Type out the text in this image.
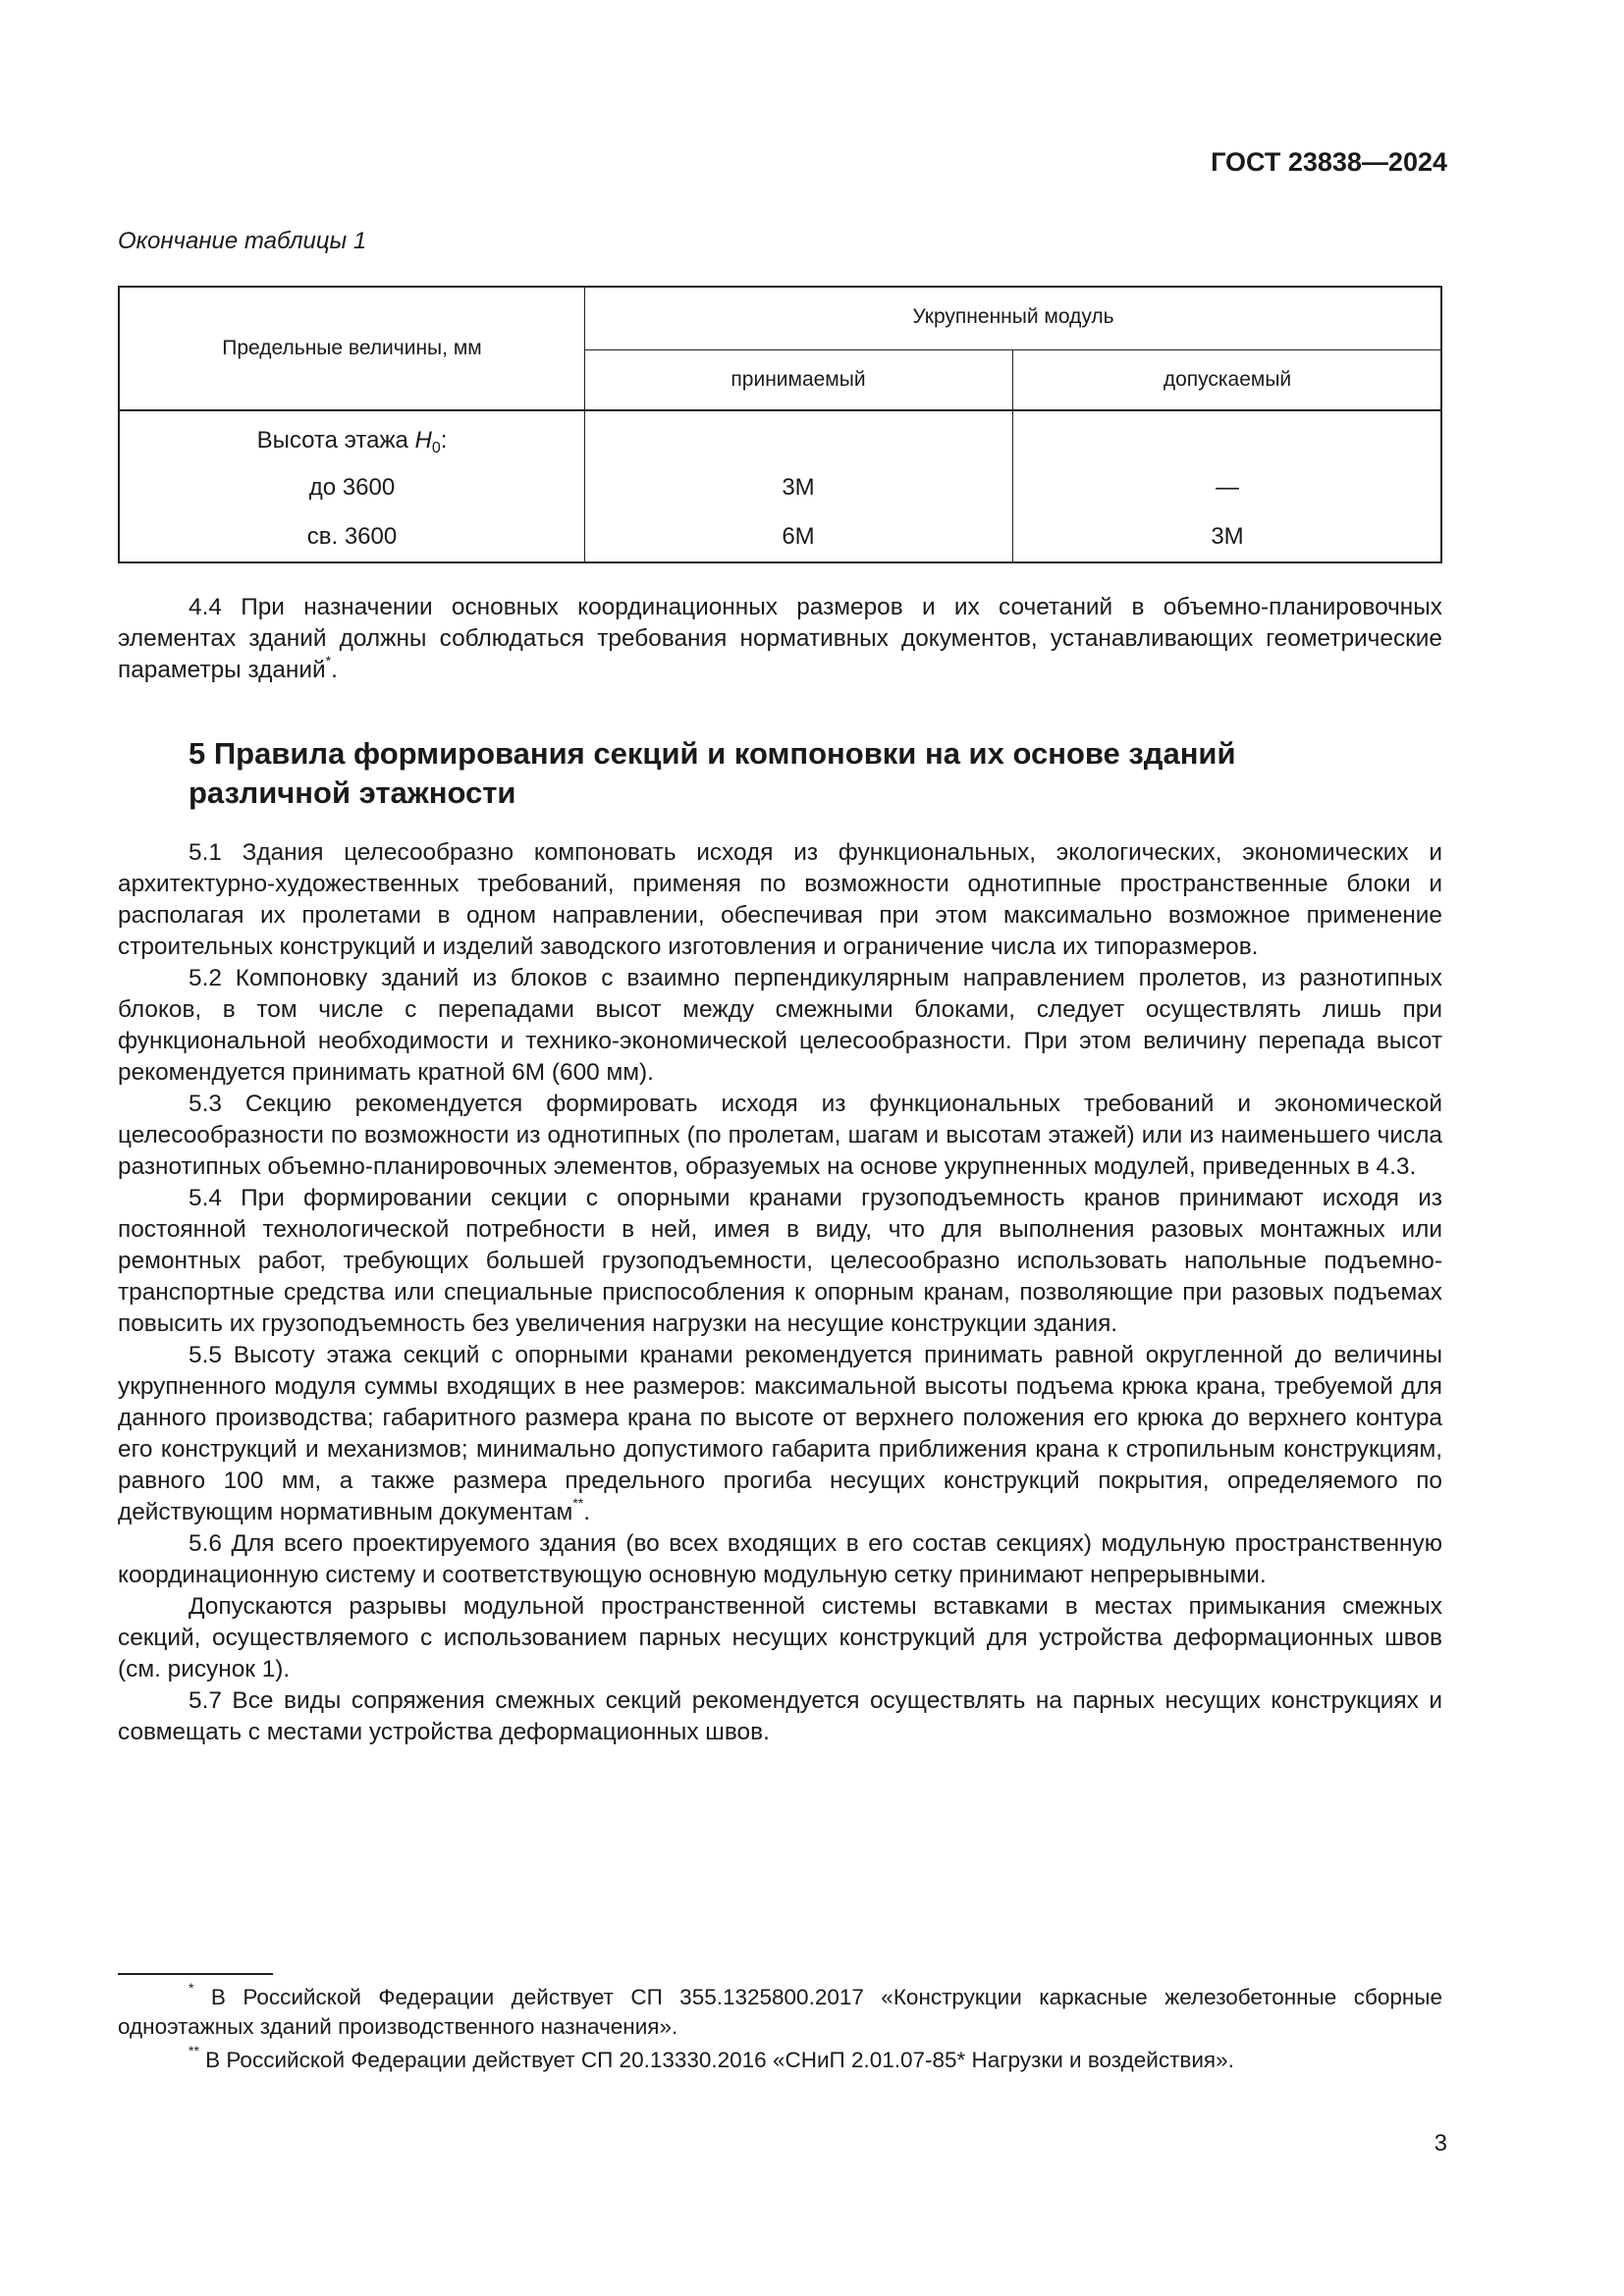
ГОСТ 23838—2024
Окончание таблицы 1
Предельные величины, мм
Укрупненный модуль
принимаемый	допускаемый
Высота этажа $H_0$:
до 3600	3М	—
св. 3600	6М	3М

4.4 При назначении основных координационных размеров и их сочетаний в объемно-планировочных элементах зданий должны соблюдаться требования нормативных документов, устанавливающих геометрические параметры зданий*.

5 Правила формирования секций и компоновки на их основе зданий различной этажности

5.1 Здания целесообразно компоновать исходя из функциональных, экологических, экономических и архитектурно-художественных требований, применяя по возможности однотипные пространственные блоки и располагая их пролетами в одном направлении, обеспечивая при этом максимально возможное применение строительных конструкций и изделий заводского изготовления и ограничение числа их типоразмеров.

5.2 Компоновку зданий из блоков с взаимно перпендикулярным направлением пролетов, из разнотипных блоков, в том числе с перепадами высот между смежными блоками, следует осуществлять лишь при функциональной необходимости и технико-экономической целесообразности. При этом величину перепада высот рекомендуется принимать кратной 6М (600 мм).

5.3 Секцию рекомендуется формировать исходя из функциональных требований и экономической целесообразности по возможности из однотипных (по пролетам, шагам и высотам этажей) или из наименьшего числа разнотипных объемно-планировочных элементов, образуемых на основе укрупненных модулей, приведенных в 4.3.

5.4 При формировании секции с опорными кранами грузоподъемность кранов принимают исходя из постоянной технологической потребности в ней, имея в виду, что для выполнения разовых монтажных или ремонтных работ, требующих большей грузоподъемности, целесообразно использовать напольные подъемно-транспортные средства или специальные приспособления к опорным кранам, позволяющие при разовых подъемах повысить их грузоподъемность без увеличения нагрузки на несущие конструкции здания.

5.5 Высоту этажа секций с опорными кранами рекомендуется принимать равной округленной до величины укрупненного модуля суммы входящих в нее размеров: максимальной высоты подъема крюка крана, требуемой для данного производства; габаритного размера крана по высоте от верхнего положения его крюка до верхнего контура его конструкций и механизмов; минимально допустимого габарита приближения крана к стропильным конструкциям, равного 100 мм, а также размера предельного прогиба несущих конструкций покрытия, определяемого по действующим нормативным документам**.

5.6 Для всего проектируемого здания (во всех входящих в его состав секциях) модульную пространственную координационную систему и соответствующую основную модульную сетку принимают непрерывными.

Допускаются разрывы модульной пространственной системы вставками в местах примыкания смежных секций, осуществляемого с использованием парных несущих конструкций для устройства деформационных швов (см. рисунок 1).

5.7 Все виды сопряжения смежных секций рекомендуется осуществлять на парных несущих конструкциях и совмещать с местами устройства деформационных швов.

* В Российской Федерации действует СП 355.1325800.2017 «Конструкции каркасные железобетонные сборные одноэтажных зданий производственного назначения».

** В Российской Федерации действует СП 20.13330.2016 «СНиП 2.01.07-85* Нагрузки и воздействия».

3
